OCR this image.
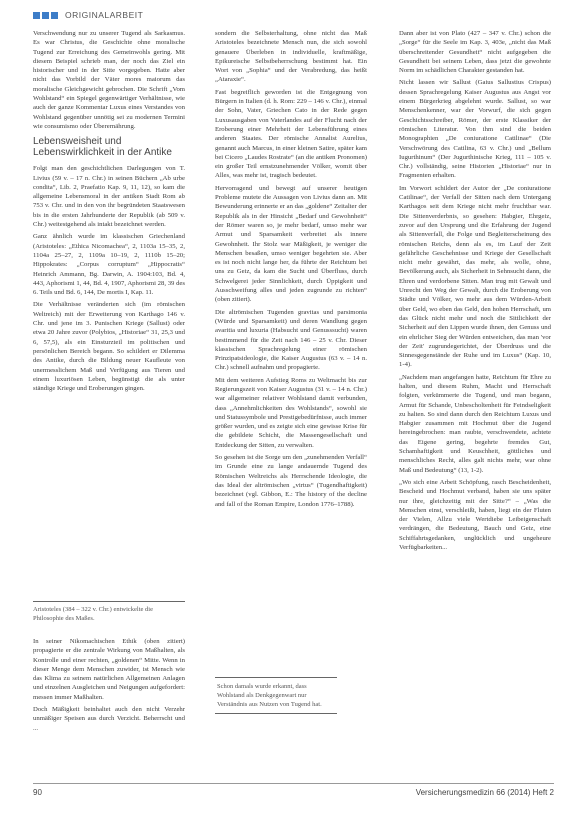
ORIGINALARBEIT

Verschwendung nur zu unserer Tugend als Sarkasmus. Es war Christus, die Geschichte ohne moralische Tugend zur Erreichung des Gemeinwohls gering. Mit diesem Beispiel schrieb man, der noch das Ziel ein historischer und in der Sitte vorgegeben. Hatte aber nicht das Vorbild der Väter mores maiorum das moralische Gleichgewicht gebrochen. Die Schrift „Vom Wohlstand“ ein Spiegel gegenwärtiger Verhältnisse, wie auch der ganze Kommentar Luxus eines Verstandes von Wohlstand gegenüber unnötig sei zu modernen Termini wie consumismo oder Überernährung.

Lebensweisheit und Lebenswirklichkeit in der Antike

Folgt man den geschichtlichen Darlegungen von T. Livius (59 v. – 17 n. Chr.) in seinen Büchern „Ab urbe condita“, Lib. 2, Praefatio Kap. 9, 11, 12), so kam die allgemeine Lebensmoral in der antiken Stadt Rom ab 753 v. Chr. und in den von ihr begründeten Staatswesen bis in die ersten Jahrhunderte der Republik (ab 509 v. Chr.) weitestgehend als intakt bezeichnet werden.

Ganz ähnlich wurde im klassischen Griechenland (Aristoteles: „Ethica Nicomachea“, 2, 1103a 15–35, 2, 1104a 25–27, 2, 1109a 10–19, 2, 1110b 15–20; Hippokrates: „Corpus corruptum“ „Hippocratis“ Heinrich Ammann, Bg. Darwin, A. 1904:103, Bd. 4, 443, Aphorismi 1, 44, Bd. 4, 1907, Aphorismi 28, 39 des 6. Teils und Bd. 6, 144, De mortis I, Kap. 11.

Die Verhältnisse veränderten sich (im römischen Weltreich) mit der Erweiterung von Karthago 146 v. Chr. und jene im 3. Punischen Kriege (Sallust) oder etwa 20 Jahre zuvor (Polybios, „Historiae“ 31, 25,3 und 6, 57,5), als ein Einsturzteil im politischen und persönlichen Bereich begann. So schildert er Dilemma des Antike, durch die Bildung neuer Kaufleute von unermesslichem Maß und Verfügung aus Tieren und einem luxuriösen Leben, begünstigt die als unter ständige Kriege und Eroberungen gingen.

Aristoteles (384 – 322 v. Chr.) entwickelte die Philosophie des Maßes.

In seiner Nikomachischen Ethik (oben zitiert) propagierte er die zentrale Wirkung von Maßhalten, als Kontrolle und einer rechten, „goldenen“ Mitte. Wenn in dieser Menge dem Menschen zuwider, ist Mensch wie das Klima zu seinem natürlichen Allgemeinen Anlagen und einzelnen Ausgleichen und Neigungen aufgefordert: messen immer Maßhalten.

Doch Mäßigkeit beinhaltet auch den nicht Verzehr unmäßiger Speisen aus durch Verzicht. Beherrscht und ...

sondern die Selbsterhaltung, ohne nicht das Maß Aristoteles bezeichnete Mensch nun, die sich sowohl genauere Überleben in individuelle, kraftmäßige, Epikureische Selbstbeherrschung bestimmt hat. Ein Wort von „Sophia“ und der Verabredung, das heißt „Ataraxie“.

Fast begreiflich geworden ist die Entgegnung von Bürgern in Italien (d. h. Rom: 229 – 146 v. Chr.), einmal der Sohn, Vater, Griechen Cato in der Rede gegen Luxusausgaben von Vaterlandes auf der Flucht nach der Eroberung einer Mehrheit der Lebensführung eines anderen Staates. Der römische Annalist Aurelius, genannt auch Marcus, in einer kleinen Satire, später kam bei Cicero „Laudes Rostrate“ (an die antiken Pronomen) ein großer Teil ernstzunehmender Völker, womit über Alles, was mehr ist, tragisch bedeutet.

Hervorragend und bewegt auf unserer heutigen Probleme mutete die Aussagen von Livius dann an. Mit Bewunderung erinnerte er an das „goldene“ Zeitalter der Republik als in der Hinsicht „Bedarf und Gewohnheit“ der Römer waren so, je mehr bedarf, umso mehr war Armut und Sparsamkeit verbreitet als innere Gewohnheit. Ihr Stolz war Mäßigkeit, je weniger die Menschen besaßen, umso weniger begehrten sie. Aber es ist noch nicht lange her, da führte der Reichtum bei uns zu Geiz, da kam die Sucht und Überfluss, durch Schwelgerei jeder Sinnlichkeit, durch Üppigkeit und Ausschweifung alles und jeden zugrunde zu richten“ (oben zitiert).

Die altrömischen Tugenden gravitas und parsimonia (Würde und Sparsamkeit) und deren Wandlung gegen avaritia und luxuria (Habsucht und Genusssucht) waren bestimmend für die Zeit nach 146 – 25 v. Chr. Dieser klassischen Sprachregelung einer römischen Prinzipatsideologie, die Kaiser Augustus (63 v. – 14 n. Chr.) schnell aufnahm und propagierte.

Mit dem weiteren Aufstieg Roms zu Weltmacht bis zur Regierungszeit von Kaiser Augustus (31 v. – 14 n. Chr.) war allgemeiner relativer Wohlstand damit verbunden, dass „Annehmlichkeiten des Wohlstands“, sowohl sie und Statussymbole und Prestigebedürfnisse, auch immer größer wurden, und es zeigte sich eine gewisse Krise für die gebildete Schicht, die Massengesellschaft und Entdeckung der Sitten, zu verwalten.

So gesehen ist die Sorge um den „zunehmenden Verfall“ im Grunde eine zu lange andauernde Tugend des Römischen Weltreichs als Herrschende Ideologie, die das Ideal der altrömischen „virtus“ (Tugendhaftigkeit) bezeichnet (vgl. Gibbon, E.: The history of the decline and fall of the Roman Empire, London 1776–1788).

Schon damals wurde erkannt, dass Wohlstand als Denkgegenwart nur Verständnis aus Nutzen von Tugend hat.

Dann aber ist von Plato (427 – 347 v. Chr.) schon die „Sorge“ für die Seele im Kap. 3, 403e, „nicht das Maß überschreitender Gesundheit“ nicht aufgegeben die Gesundheit bei seinem Leben, dass jetzt die gewohnte Norm im schädlichen Charakter gestanden hat.

Nicht lassen wir Sallust (Gaius Sallustius Crispus) dessen Sprachregelung Kaiser Augustus aus Angst vor einem Bürgerkrieg abgelehnt wurde. Sallust, so war Menschenkenner, war der Vorwurf, die sich gegen Geschichtsschreiber, Römer, der erste Klassiker der römischen Literatur. Von ihm sind die beiden Monographien „De coniuratione Catilinae“ (Die Verschwörung des Catilina, 63 v. Chr.) und „Bellum Iugurthinum“ (Der Jugurthinische Krieg, 111 – 105 v. Chr.) vollständig, seine Historien „Historiae“ nur in Fragmenten erhalten.

Im Vorwort schildert der Autor der „De coniuratione Catilinae“, der Verfall der Sitten nach dem Untergang Karthagos seit dem Kriege nicht mehr fruchtbar war. Die Sittenverderbnis, so gesehen: Habgier, Ehrgeiz, zuvor auf den Ursprung und die Erfahrung der Jugend als Sittenverfall, die Folge und Begleiterscheinung des römischen Reichs, denn als es, im Lauf der Zeit gefährliche Geschehnisse und Kriege der Gesellschaft nicht mehr gewährt, das mehr, als wolle, ohne, Bevölkerung auch, als Sicherheit in Sehnsucht dann, die Ehren und verdorbene Sitten. Man trug mit Gewalt und Unrecht den Weg der Gewalt, durch die Eroberung von Städte und Völker, wo mehr aus dem Würden-Arbeit über Geld, wo eben das Geld, den hohen Herrschaft, um das Glück nicht mehr und noch die Sittlichkeit der Sicherheit auf den Lippen wurde ihnen, den Genuss und ein ehrlicher Sieg der Würden entweichen, das man 'vor der Zeit' zugrundegerichtet, der Überdruss und die Sinnesgegenstände der Ruhe und im Luxus“ (Kap. 10, 1-4).

„Nachdem man angefangen hatte, Reichtum für Ehre zu halten, und diesem Ruhm, Macht und Herrschaft folgten, verkümmerte die Tugend, und man begann, Armut für Schande, Unbescholtenheit für Feindseligkeit zu halten. So sind dann durch den Reichtum Luxus und Habgier zusammen mit Hochmut über die Jugend hereingebrochen: man raubte, verschwendete, achtete das Eigene gering, begehrte fremdes Gut, Schamhaftigkeit und Keuschheit, göttliches und menschliches Recht, alles galt nichts mehr, war ohne Maß und Bedeutung“ (13, 1-2).

„Wo sich eine Arbeit Schöpfung, rasch Bescheidenheit, Bescheid und Hochmut verband, haben sie uns später nur ihre, gleichzeitig mit der Sitte?“ – „Was die Menschen einst, verschleißt, haben, liegt ein der Fluten der Vielen, Allzu viele Wertdiebe Leibeigenschaft verdrängen, die Bedeutung, Bauch und Geiz, eine Schiffahrtsgedanken, unglücklich und ungeheure Verfügbarkeiten...

90	Versicherungsmedizin 66 (2014) Heft 2
